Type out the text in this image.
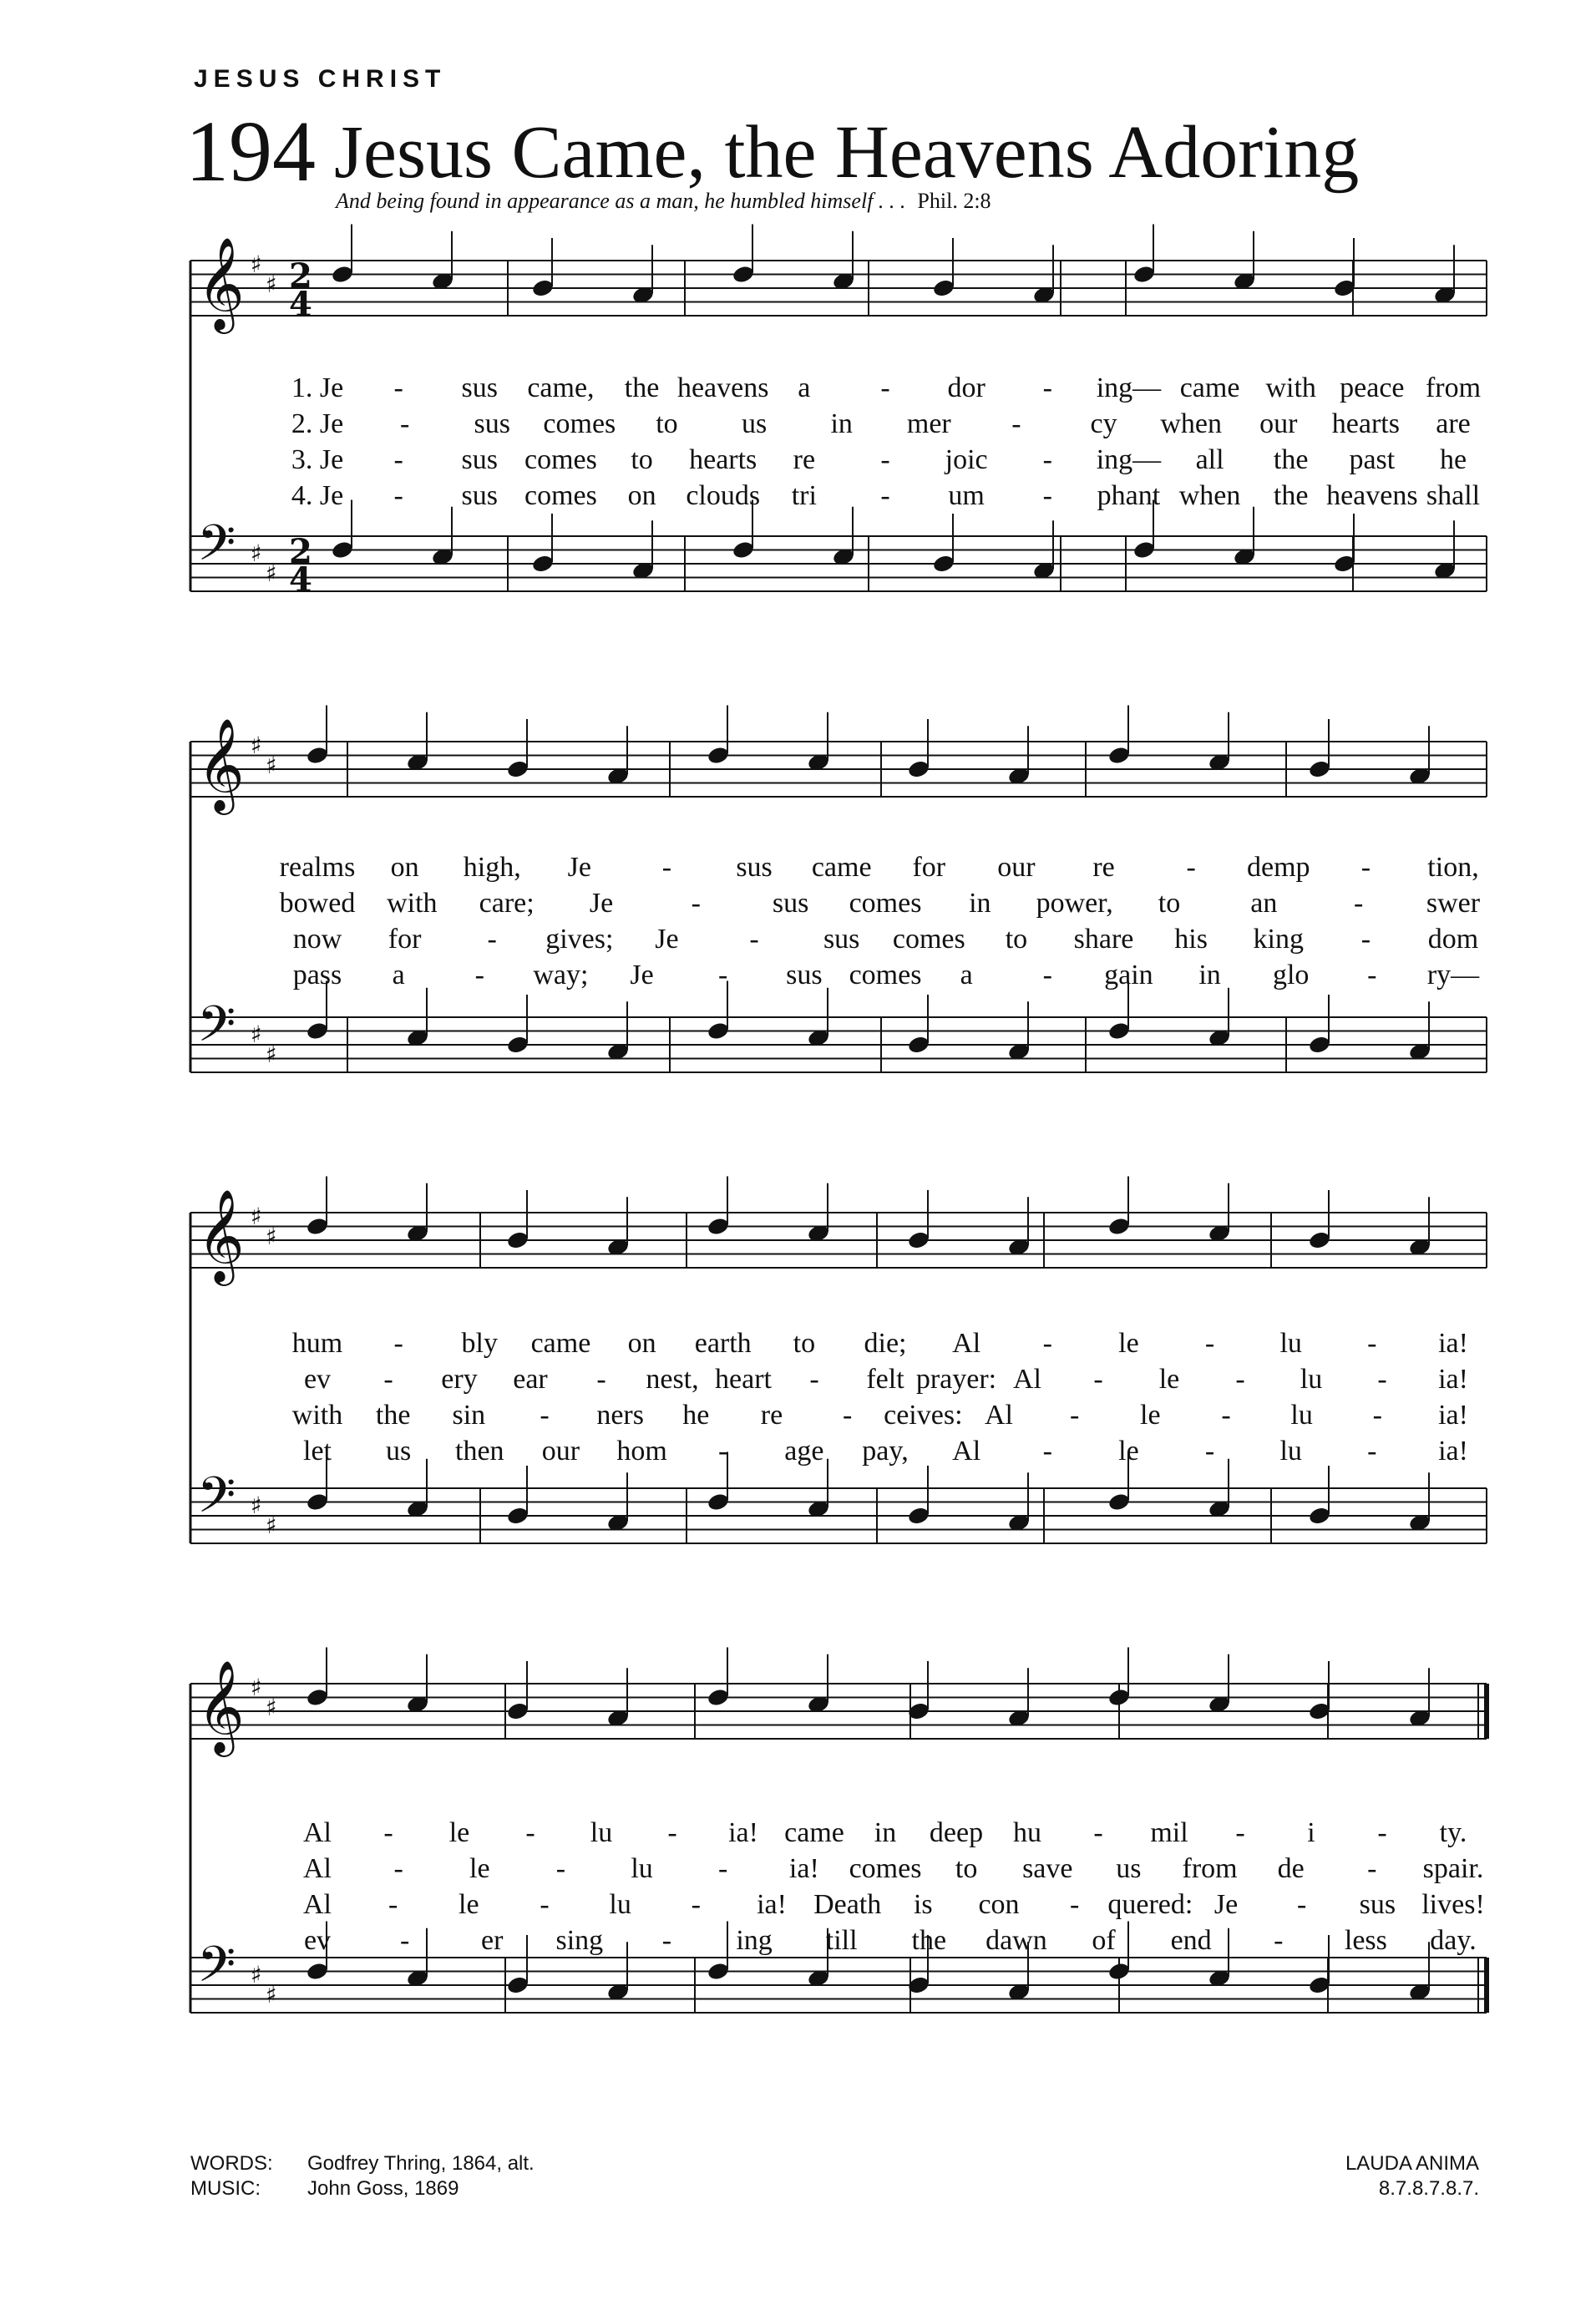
JESUS CHRIST
194 Jesus Came, the Heavens Adoring
And being found in appearance as a man, he humbled himself . . . Phil. 2:8
𝄞
𝄢
♯
♯
♯
♯
2
4
2
4
𝄞
𝄢
♯
♯
♯
♯
𝄞
𝄢
♯
♯
♯
♯
𝄞
𝄢
♯
♯
♯
♯
1. Je - sus came, the heavens a - dor - ing— came with peace from
2. Je - sus comes to us in mer - cy when our hearts are
3. Je - sus comes to hearts re - joic - ing— all the past he
4. Je - sus comes on clouds tri - um - phant when the heavens shall
realms on high, Je - sus came for our re	- demp - tion,
bowed with care; Je	-	sus comes in power, to an	- swer
now for - gives; Je - sus comes to share his king - dom
pass a - way; Je - sus comes a - gain in glo - ry—
hum - bly came on earth to die; Al - le - lu - ia!
ev - ery ear - nest, heart - felt prayer: Al - le - lu - ia!
with the sin - ners he re - ceives: Al - le - lu - ia!
let us then our hom - age pay, Al - le - lu - ia!
Al - le - lu - ia! came in deep hu - mil - i - ty.
Al - le - lu - ia! comes to save us from de - spair.
Al - le - lu - ia! Death is con - quered: Je - sus lives!
ev -	er sing - ing till the dawn of end - less day.
WORDS: Godfrey Thring, 1864, alt.
MUSIC: John Goss, 1869
LAUDA ANIMA
8.7.8.7.8.7.
